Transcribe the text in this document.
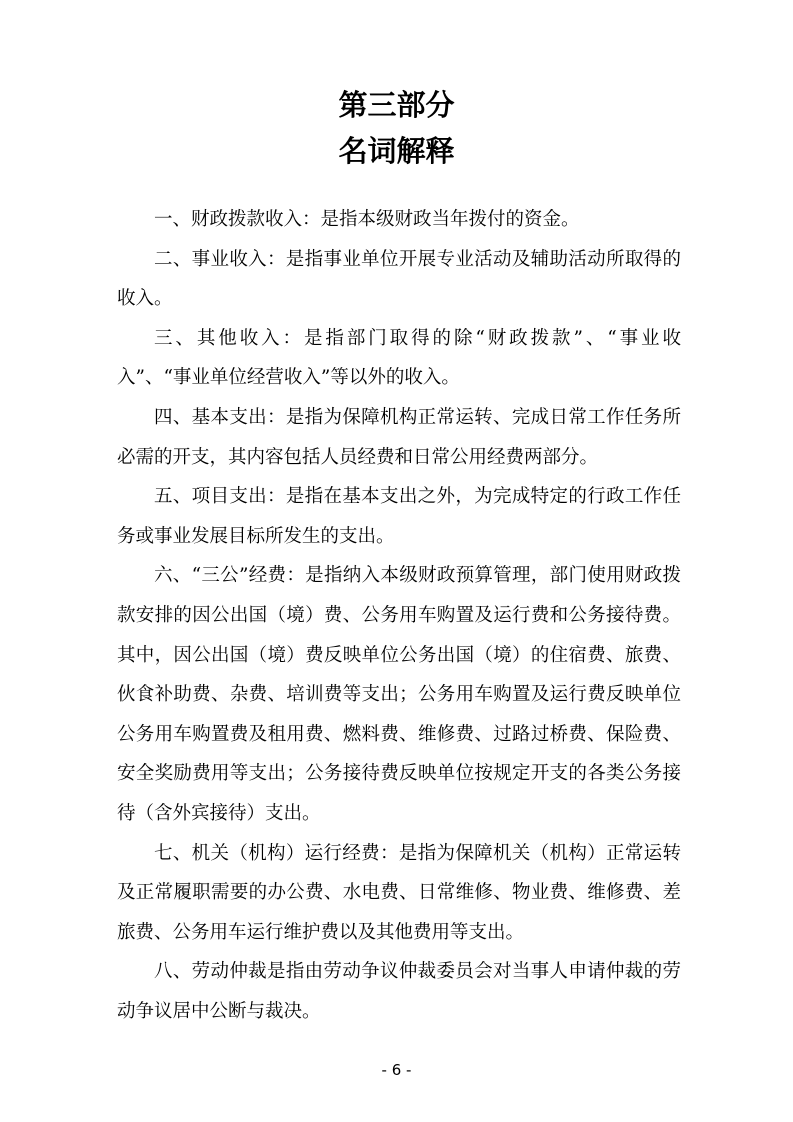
第三部分
名词解释

一、财政拨款收入：是指本级财政当年拨付的资金。

二、事业收入：是指事业单位开展专业活动及辅助活动所取得的收入。

三、其他收入：是指部门取得的除“财政拨款”、“事业收入”、“事业单位经营收入”等以外的收入。

四、基本支出：是指为保障机构正常运转、完成日常工作任务所必需的开支，其内容包括人员经费和日常公用经费两部分。

五、项目支出：是指在基本支出之外，为完成特定的行政工作任务或事业发展目标所发生的支出。

六、“三公”经费：是指纳入本级财政预算管理，部门使用财政拨款安排的因公出国（境）费、公务用车购置及运行费和公务接待费。其中，因公出国（境）费反映单位公务出国（境）的住宿费、旅费、伙食补助费、杂费、培训费等支出；公务用车购置及运行费反映单位公务用车购置费及租用费、燃料费、维修费、过路过桥费、保险费、安全奖励费用等支出；公务接待费反映单位按规定开支的各类公务接待（含外宾接待）支出。

七、机关（机构）运行经费：是指为保障机关（机构）正常运转及正常履职需要的办公费、水电费、日常维修、物业费、维修费、差旅费、公务用车运行维护费以及其他费用等支出。

八、劳动仲裁是指由劳动争议仲裁委员会对当事人申请仲裁的劳动争议居中公断与裁决。

- 6 -
